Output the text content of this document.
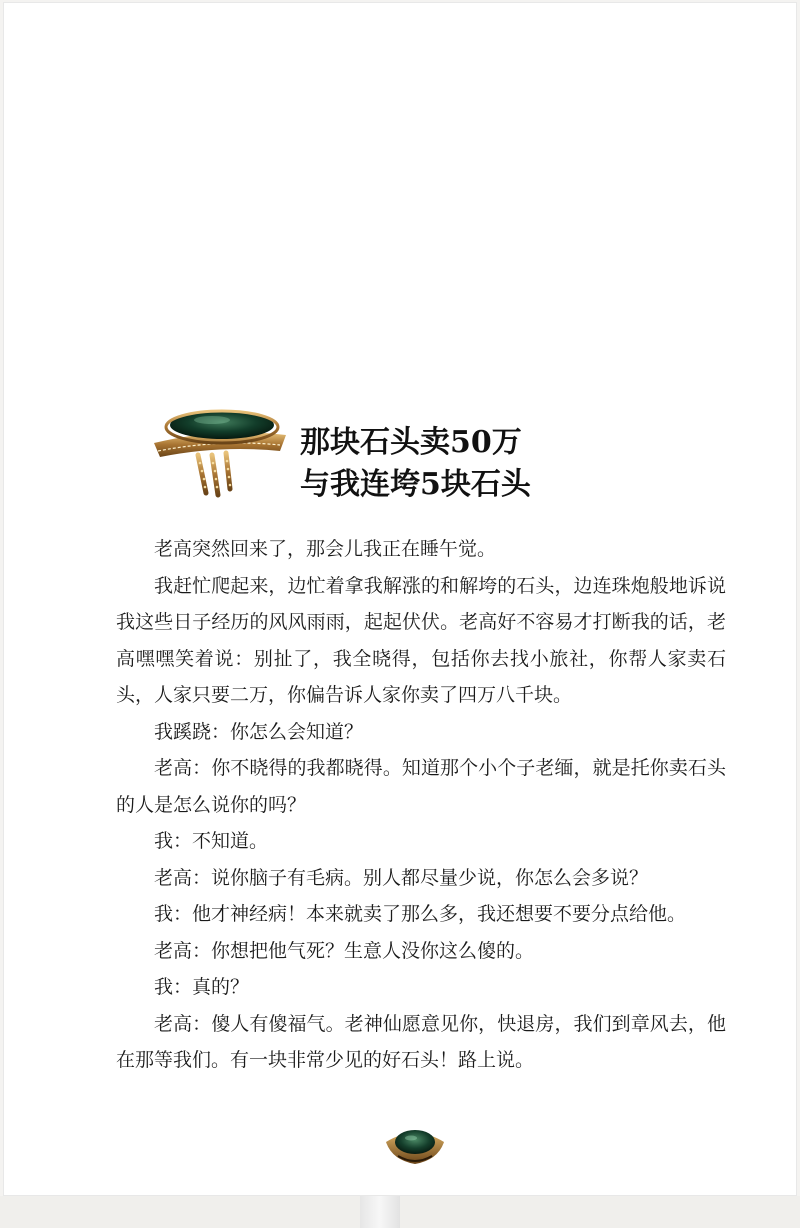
那块石头卖50万
与我连垮5块石头

老高突然回来了，那会儿我正在睡午觉。

我赶忙爬起来，边忙着拿我解涨的和解垮的石头，边连珠炮般地诉说我这些日子经历的风风雨雨，起起伏伏。老高好不容易才打断我的话，老高嘿嘿笑着说：别扯了，我全晓得，包括你去找小旅社，你帮人家卖石头，人家只要二万，你偏告诉人家你卖了四万八千块。

我蹊跷：你怎么会知道？

老高：你不晓得的我都晓得。知道那个小个子老缅，就是托你卖石头的人是怎么说你的吗？

我：不知道。

老高：说你脑子有毛病。别人都尽量少说，你怎么会多说？

我：他才神经病！本来就卖了那么多，我还想要不要分点给他。

老高：你想把他气死？生意人没你这么傻的。

我：真的？

老高：傻人有傻福气。老神仙愿意见你，快退房，我们到章风去，他在那等我们。有一块非常少见的好石头！路上说。
